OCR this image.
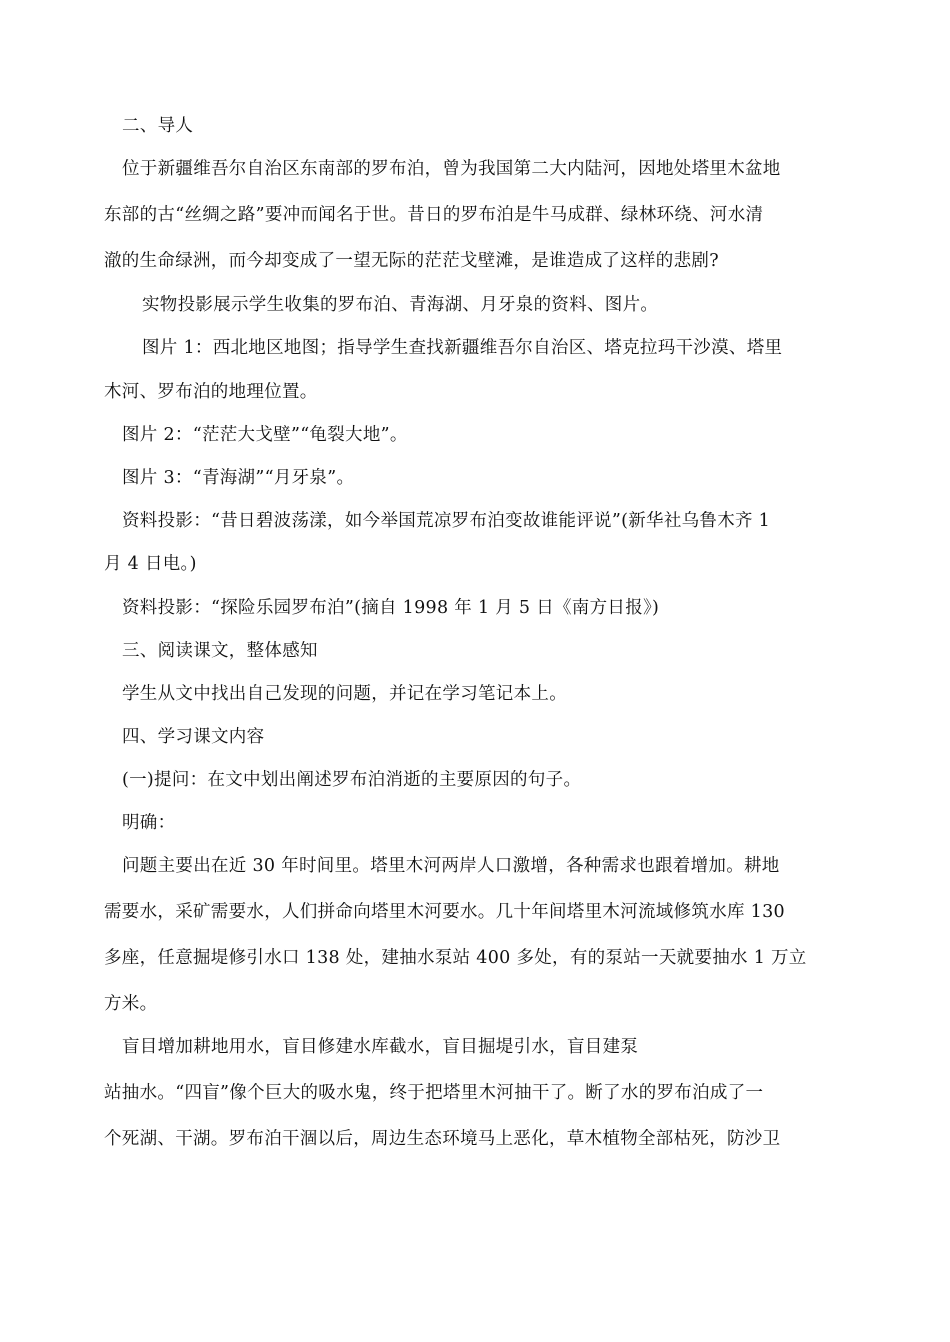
二、导人
位于新疆维吾尔自治区东南部的罗布泊，曾为我国第二大内陆河，因地处塔里木盆地
东部的古“丝绸之路”要冲而闻名于世。昔日的罗布泊是牛马成群、绿林环绕、河水清
澈的生命绿洲，而今却变成了一望无际的茫茫戈壁滩，是谁造成了这样的悲剧?
实物投影展示学生收集的罗布泊、青海湖、月牙泉的资料、图片。
图片 1：西北地区地图；指导学生查找新疆维吾尔自治区、塔克拉玛干沙漠、塔里
木河、罗布泊的地理位置。
图片 2：“茫茫大戈壁”“龟裂大地”。
图片 3：“青海湖”“月牙泉”。
资料投影：“昔日碧波荡漾，如今举国荒凉罗布泊变故谁能评说”(新华社乌鲁木齐 1
月 4 日电。)
资料投影：“探险乐园罗布泊”(摘自 1998 年 1 月 5 日《南方日报》)
三、阅读课文，整体感知
学生从文中找出自己发现的问题，并记在学习笔记本上。
四、学习课文内容
(一)提问：在文中划出阐述罗布泊消逝的主要原因的句子。
明确：
问题主要出在近 30 年时间里。塔里木河两岸人口激增，各种需求也跟着增加。耕地
需要水，采矿需要水，人们拼命向塔里木河要水。几十年间塔里木河流域修筑水库 130
多座，任意掘堤修引水口 138 处，建抽水泵站 400 多处，有的泵站一天就要抽水 1 万立
方米。
盲目增加耕地用水，盲目修建水库截水，盲目掘堤引水，盲目建泵
站抽水。“四盲”像个巨大的吸水鬼，终于把塔里木河抽干了。断了水的罗布泊成了一
个死湖、干湖。罗布泊干涸以后，周边生态环境马上恶化，草木植物全部枯死，防沙卫
